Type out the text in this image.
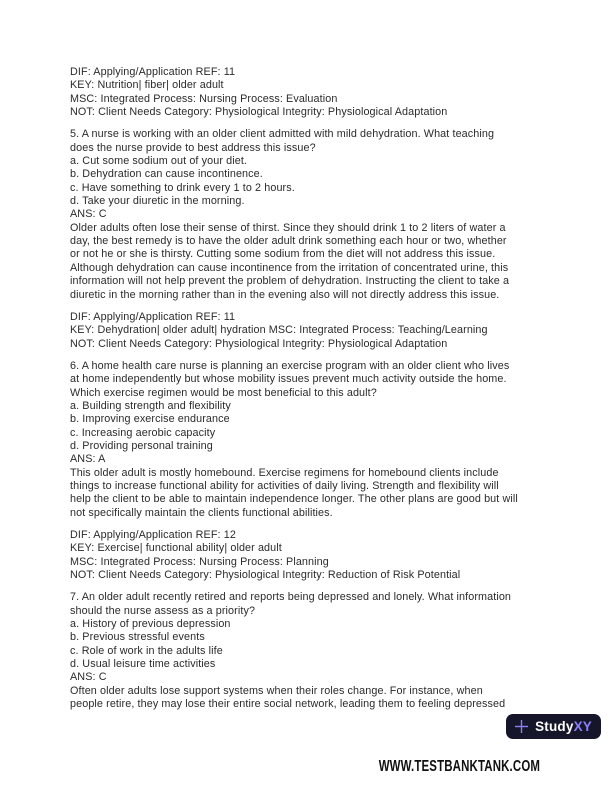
DIF: Applying/Application REF: 11
KEY: Nutrition| fiber| older adult
MSC: Integrated Process: Nursing Process: Evaluation
NOT: Client Needs Category: Physiological Integrity: Physiological Adaptation
5. A nurse is working with an older client admitted with mild dehydration. What teaching
does the nurse provide to best address this issue?
a. Cut some sodium out of your diet.
b. Dehydration can cause incontinence.
c. Have something to drink every 1 to 2 hours.
d. Take your diuretic in the morning.
ANS: C
Older adults often lose their sense of thirst. Since they should drink 1 to 2 liters of water a
day, the best remedy is to have the older adult drink something each hour or two, whether
or not he or she is thirsty. Cutting some sodium from the diet will not address this issue.
Although dehydration can cause incontinence from the irritation of concentrated urine, this
information will not help prevent the problem of dehydration. Instructing the client to take a
diuretic in the morning rather than in the evening also will not directly address this issue.
DIF: Applying/Application REF: 11
KEY: Dehydration| older adult| hydration MSC: Integrated Process: Teaching/Learning
NOT: Client Needs Category: Physiological Integrity: Physiological Adaptation
6. A home health care nurse is planning an exercise program with an older client who lives
at home independently but whose mobility issues prevent much activity outside the home.
Which exercise regimen would be most beneficial to this adult?
a. Building strength and flexibility
b. Improving exercise endurance
c. Increasing aerobic capacity
d. Providing personal training
ANS: A
This older adult is mostly homebound. Exercise regimens for homebound clients include
things to increase functional ability for activities of daily living. Strength and flexibility will
help the client to be able to maintain independence longer. The other plans are good but will
not specifically maintain the clients functional abilities.
DIF: Applying/Application REF: 12
KEY: Exercise| functional ability| older adult
MSC: Integrated Process: Nursing Process: Planning
NOT: Client Needs Category: Physiological Integrity: Reduction of Risk Potential
7. An older adult recently retired and reports being depressed and lonely. What information
should the nurse assess as a priority?
a. History of previous depression
b. Previous stressful events
c. Role of work in the adults life
d. Usual leisure time activities
ANS: C
Often older adults lose support systems when their roles change. For instance, when
people retire, they may lose their entire social network, leading them to feeling depressed
StudyXY
WWW.TESTBANKTANK.COM
